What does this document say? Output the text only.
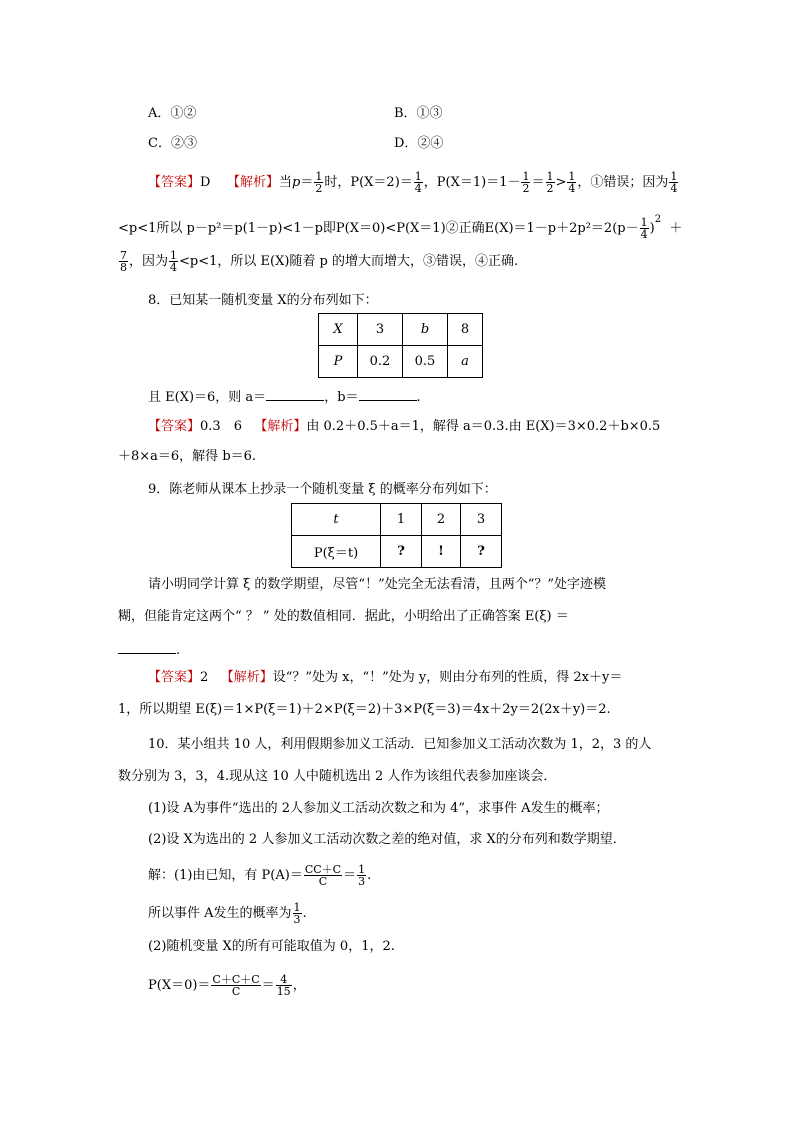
A．①②	B．①③
C．②③	D．②④
【答案】D 【解析】当$p= \frac{1}{2}$ 时，$P(X=2)= \frac{1}{4}$ ，$P(X=1)=1- \frac{1}{2} = \frac{1}{2} > \frac{1}{4}$ ，①错误；因为 $\frac{1}{4}$
<p<1所以 p－p²＝p(1－p)<1－p即P(X＝0)<P(X＝1)②正确$E(X)=1-p+2p^2=2(p- \frac{1}{4} )^2$  ＋
$\frac{7}{8}$ ，因为 $\frac{1}{4} <p<1$，所以 E(X)随着 p 的增大而增大，③错误，④正确.
8．已知某一随机变量 X的分布列如下：
X	3	b	8
P	0.2	0.5	a
且 E(X)＝6，则 a＝	，b＝	.
【答案】0.3　6 【解析】由 0.2＋0.5＋a＝1，解得 a＝0.3.由 E(X)＝3×0.2＋b×0.5
＋8×a＝6，解得 b＝6.
9．陈老师从课本上抄录一个随机变量 ξ 的概率分布列如下：
t	1	2	3
P(ξ＝t)	?	!	?
请小明同学计算 ξ 的数学期望，尽管“！”处完全无法看清，且两个“？”处字迹模
糊，但能肯定这两个“ ？ ” 处的数值相同．据此，小明给出了正确答案 E(ξ) ＝
.
【答案】2 【解析】设“？”处为 x，“！”处为 y，则由分布列的性质，得 2x＋y＝
1，所以期望 E(ξ)＝1×P(ξ＝1)＋2×P(ξ＝2)＋3×P(ξ＝3)＝4x＋2y＝2(2x＋y)＝2.
10．某小组共 10 人，利用假期参加义工活动．已知参加义工活动次数为 1，2，3 的人
数分别为 3，3，4.现从这 10 人中随机选出 2 人作为该组代表参加座谈会．
(1)设 A为事件“选出的 2人参加义工活动次数之和为 4”，求事件 A发生的概率；
(2)设 X为选出的 2 人参加义工活动次数之差的绝对值，求 X的分布列和数学期望．
解：(1)由已知，有 $P(A)= \frac{CC+C}{C} = \frac{1}{3}$ .
所以事件 A发生的概率为 $\frac{1}{3}$ .
(2)随机变量 X的所有可能取值为 0，1，2.
$P(X=0)= \frac{C+C+C}{C} = \frac{4}{15}$ ，
